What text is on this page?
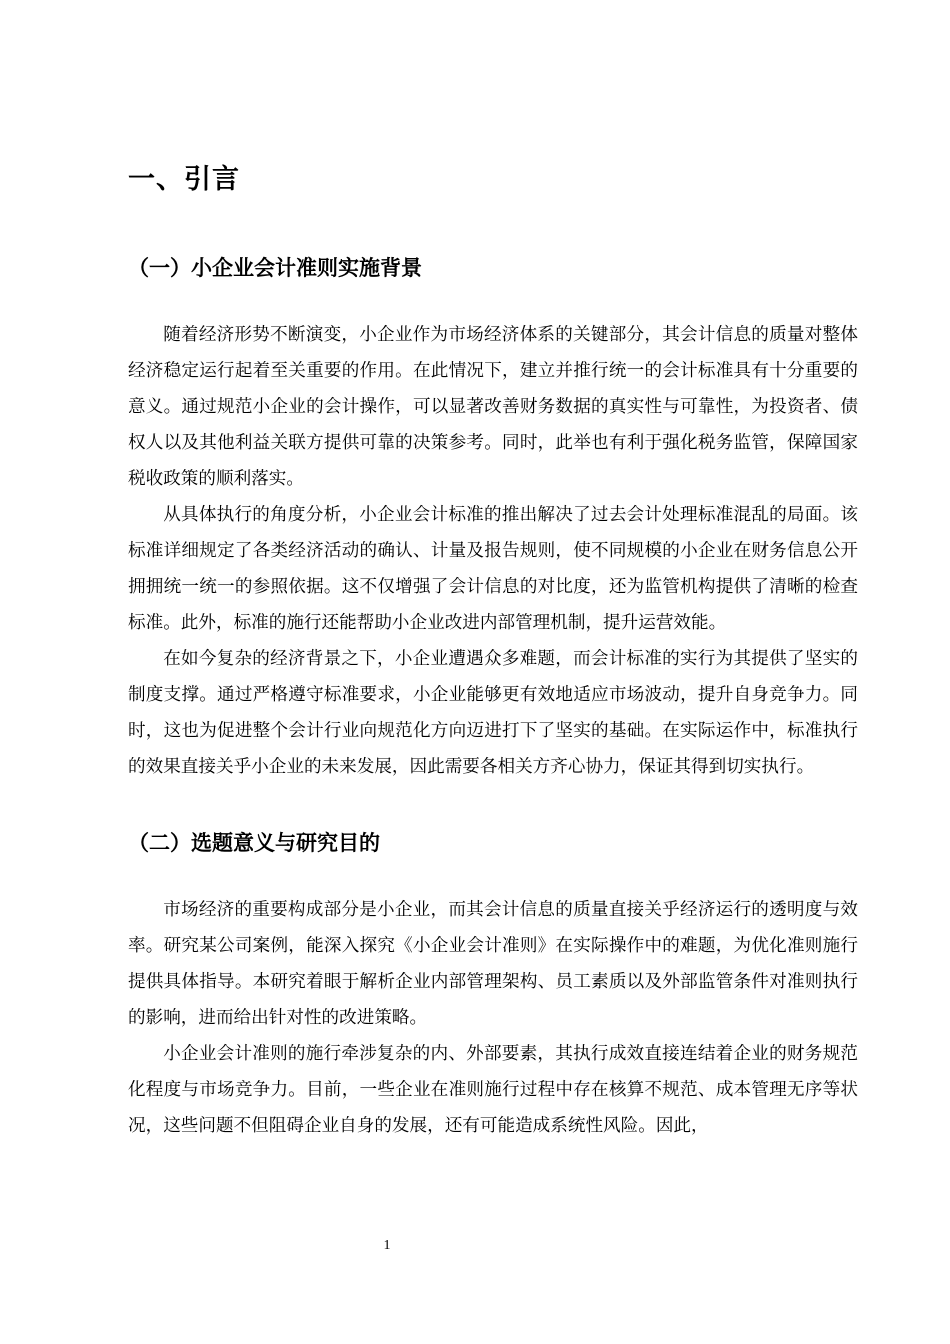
一、引言
（一）小企业会计准则实施背景

随着经济形势不断演变，小企业作为市场经济体系的关键部分，其会计信息的质量对整体经济稳定运行起着至关重要的作用。在此情况下，建立并推行统一的会计标准具有十分重要的意义。通过规范小企业的会计操作，可以显著改善财务数据的真实性与可靠性，为投资者、债权人以及其他利益关联方提供可靠的决策参考。同时，此举也有利于强化税务监管，保障国家税收政策的顺利落实。

从具体执行的角度分析，小企业会计标准的推出解决了过去会计处理标准混乱的局面。该标准详细规定了各类经济活动的确认、计量及报告规则，使不同规模的小企业在财务信息公开拥拥统一统一的参照依据。这不仅增强了会计信息的对比度，还为监管机构提供了清晰的检查标准。此外，标准的施行还能帮助小企业改进内部管理机制，提升运营效能。

在如今复杂的经济背景之下，小企业遭遇众多难题，而会计标准的实行为其提供了坚实的制度支撑。通过严格遵守标准要求，小企业能够更有效地适应市场波动，提升自身竞争力。同时，这也为促进整个会计行业向规范化方向迈进打下了坚实的基础。在实际运作中，标准执行的效果直接关乎小企业的未来发展，因此需要各相关方齐心协力，保证其得到切实执行。

（二）选题意义与研究目的

市场经济的重要构成部分是小企业，而其会计信息的质量直接关乎经济运行的透明度与效率。研究某公司案例，能深入探究《小企业会计准则》在实际操作中的难题，为优化准则施行提供具体指导。本研究着眼于解析企业内部管理架构、员工素质以及外部监管条件对准则执行的影响，进而给出针对性的改进策略。

小企业会计准则的施行牵涉复杂的内、外部要素，其执行成效直接连结着企业的财务规范化程度与市场竞争力。目前，一些企业在准则施行过程中存在核算不规范、成本管理无序等状况，这些问题不但阻碍企业自身的发展，还有可能造成系统性风险。因此，

1
